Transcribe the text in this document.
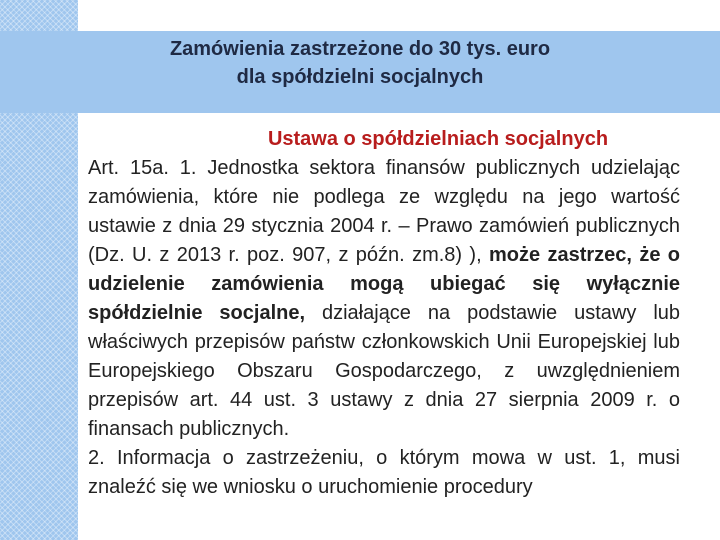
Zamówienia zastrzeżone do 30 tys. euro
dla spółdzielni socjalnych
Ustawa o spółdzielniach socjalnych
Art. 15a. 1. Jednostka sektora finansów publicznych udzielając zamówienia, które nie podlega ze względu na jego wartość ustawie z dnia 29 stycznia 2004 r. – Prawo zamówień publicznych (Dz. U. z 2013 r. poz. 907, z późn. zm.8) ), może zastrzec, że o udzielenie zamówienia mogą ubiegać się wyłącznie spółdzielnie socjalne, działające na podstawie ustawy lub właściwych przepisów państw członkowskich Unii Europejskiej lub Europejskiego Obszaru Gospodarczego, z uwzględnieniem przepisów art. 44 ust. 3 ustawy z dnia 27 sierpnia 2009 r. o finansach publicznych.
2. Informacja o zastrzeżeniu, o którym mowa w ust. 1, musi znaleźć się we wniosku o uruchomienie procedury
